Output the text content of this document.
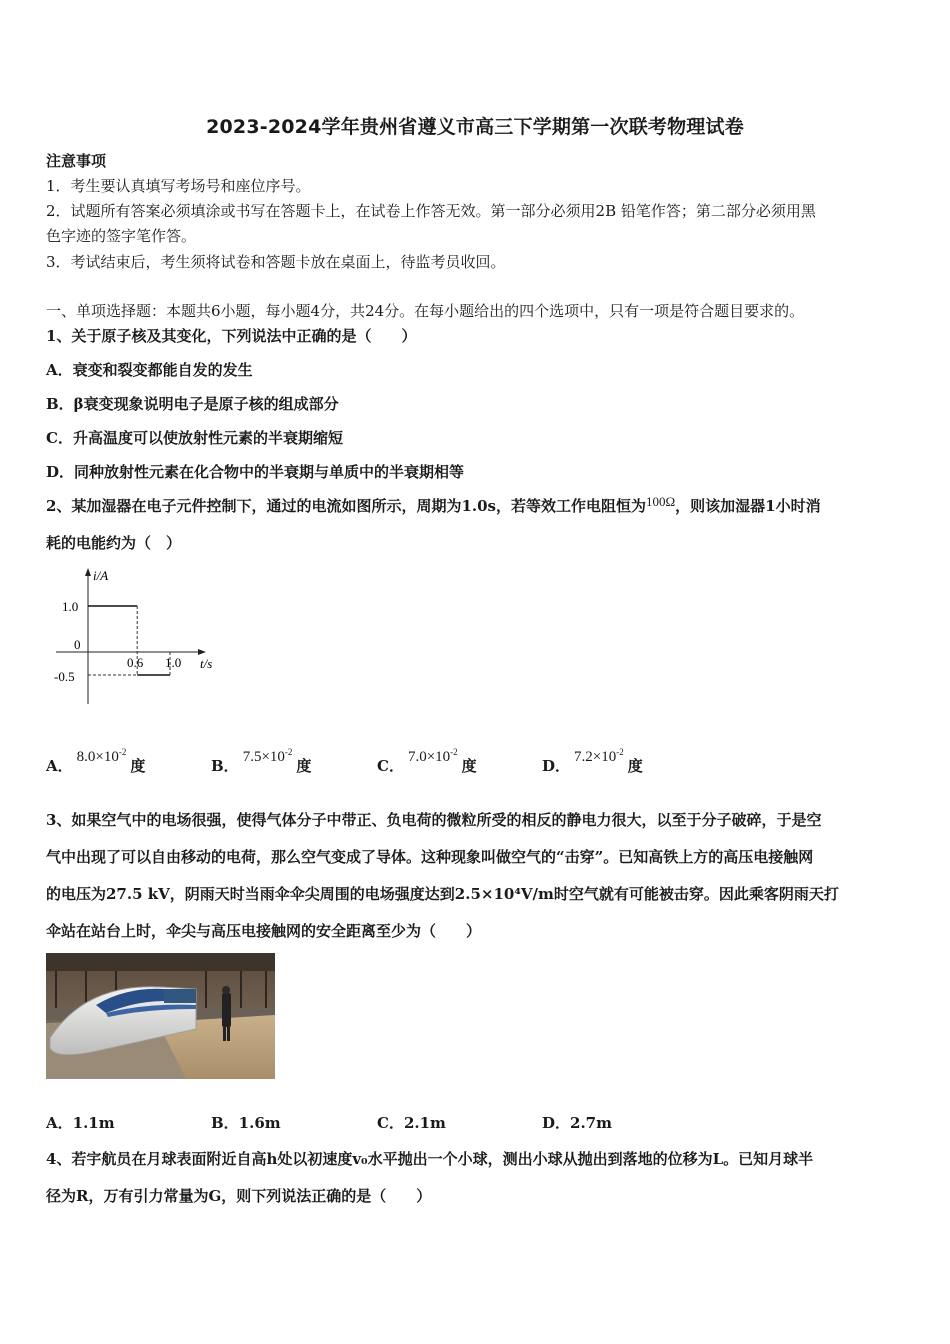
2023-2024学年贵州省遵义市高三下学期第一次联考物理试卷
注意事项
1．考生要认真填写考场号和座位序号。
2．试题所有答案必须填涂或书写在答题卡上，在试卷上作答无效。第一部分必须用2B 铅笔作答；第二部分必须用黑
色字迹的签字笔作答。
3．考试结束后，考生须将试卷和答题卡放在桌面上，待监考员收回。
一、单项选择题：本题共6小题，每小题4分，共24分。在每小题给出的四个选项中，只有一项是符合题目要求的。
1、关于原子核及其变化，下列说法中正确的是（　　）
A．衰变和裂变都能自发的发生
B．β衰变现象说明电子是原子核的组成部分
C．升高温度可以使放射性元素的半衰期缩短
D．同种放射性元素在化合物中的半衰期与单质中的半衰期相等
2、某加湿器在电子元件控制下，通过的电流如图所示，周期为1.0s，若等效工作电阻恒为100Ω，则该加湿器1小时消
耗的电能约为（　）
i/A
t/s
1.0
0
-0.5
0.6 1.0
A． $8.0\times 10^{-2}$度	B． $7.5\times 10^{-2}$度	C． $7.0\times 10^{-2}$度	D． $7.2\times 10^{-2}$度
3、如果空气中的电场很强，使得气体分子中带正、负电荷的微粒所受的相反的静电力很大，以至于分子破碎，于是空
气中出现了可以自由移动的电荷，那么空气变成了导体。这种现象叫做空气的“击穿”。已知高铁上方的高压电接触网
的电压为27.5 kV，阴雨天时当雨伞伞尖周围的电场强度达到2.5×10⁴V/m时空气就有可能被击穿。因此乘客阴雨天打
伞站在站台上时，伞尖与高压电接触网的安全距离至少为（　　）
A．1.1m	B．1.6m	C．2.1m	D．2.7m
4、若宇航员在月球表面附近自高h处以初速度v₀水平抛出一个小球，测出小球从抛出到落地的位移为L。已知月球半
径为R，万有引力常量为G，则下列说法正确的是（　　）
